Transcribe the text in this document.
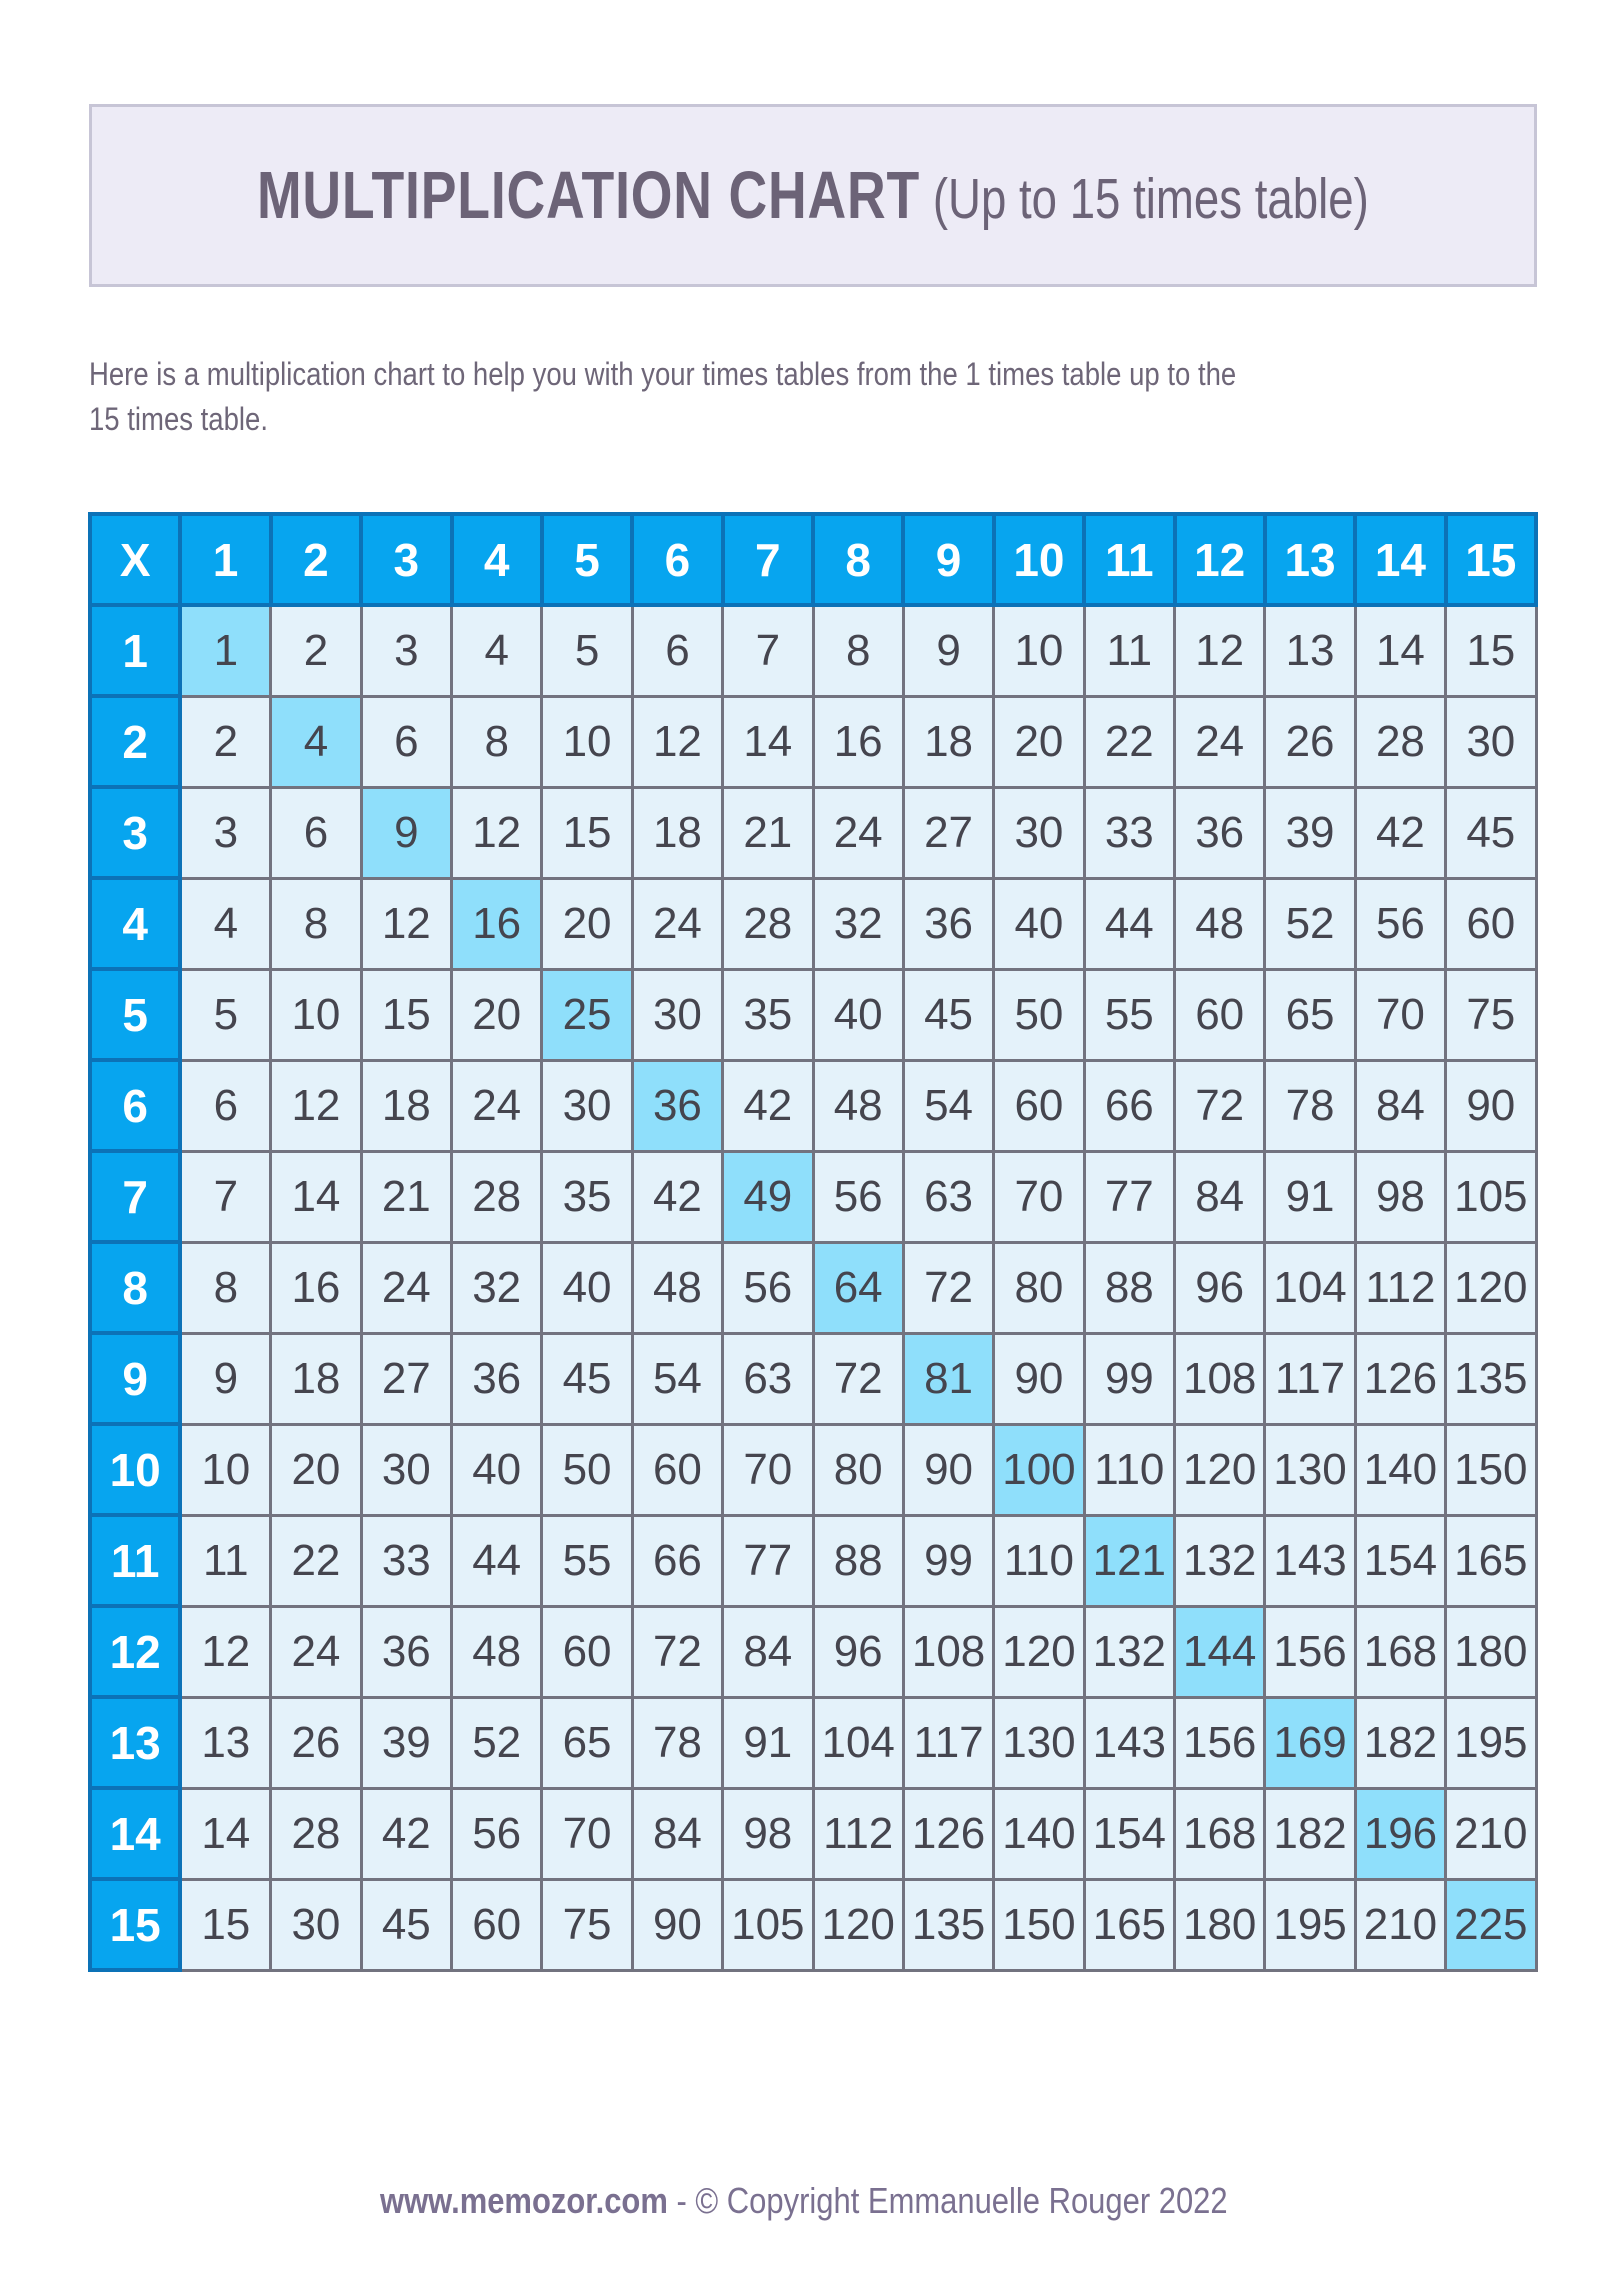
MULTIPLICATION CHART (Up to 15 times table)
Here is a multiplication chart to help you with your times tables from the 1 times table up to the
15 times table.
X	1	2	3	4	5	6	7	8	9	10	11	12	13	14	15
1	1	2	3	4	5	6	7	8	9	10	11	12	13	14	15
2	2	4	6	8	10	12	14	16	18	20	22	24	26	28	30
3	3	6	9	12	15	18	21	24	27	30	33	36	39	42	45
4	4	8	12	16	20	24	28	32	36	40	44	48	52	56	60
5	5	10	15	20	25	30	35	40	45	50	55	60	65	70	75
6	6	12	18	24	30	36	42	48	54	60	66	72	78	84	90
7	7	14	21	28	35	42	49	56	63	70	77	84	91	98	105
8	8	16	24	32	40	48	56	64	72	80	88	96	104	112	120
9	9	18	27	36	45	54	63	72	81	90	99	108	117	126	135
10	10	20	30	40	50	60	70	80	90	100	110	120	130	140	150
11	11	22	33	44	55	66	77	88	99	110	121	132	143	154	165
12	12	24	36	48	60	72	84	96	108	120	132	144	156	168	180
13	13	26	39	52	65	78	91	104	117	130	143	156	169	182	195
14	14	28	42	56	70	84	98	112	126	140	154	168	182	196	210
15	15	30	45	60	75	90	105	120	135	150	165	180	195	210	225
www.memozor.com - © Copyright Emmanuelle Rouger 2022
